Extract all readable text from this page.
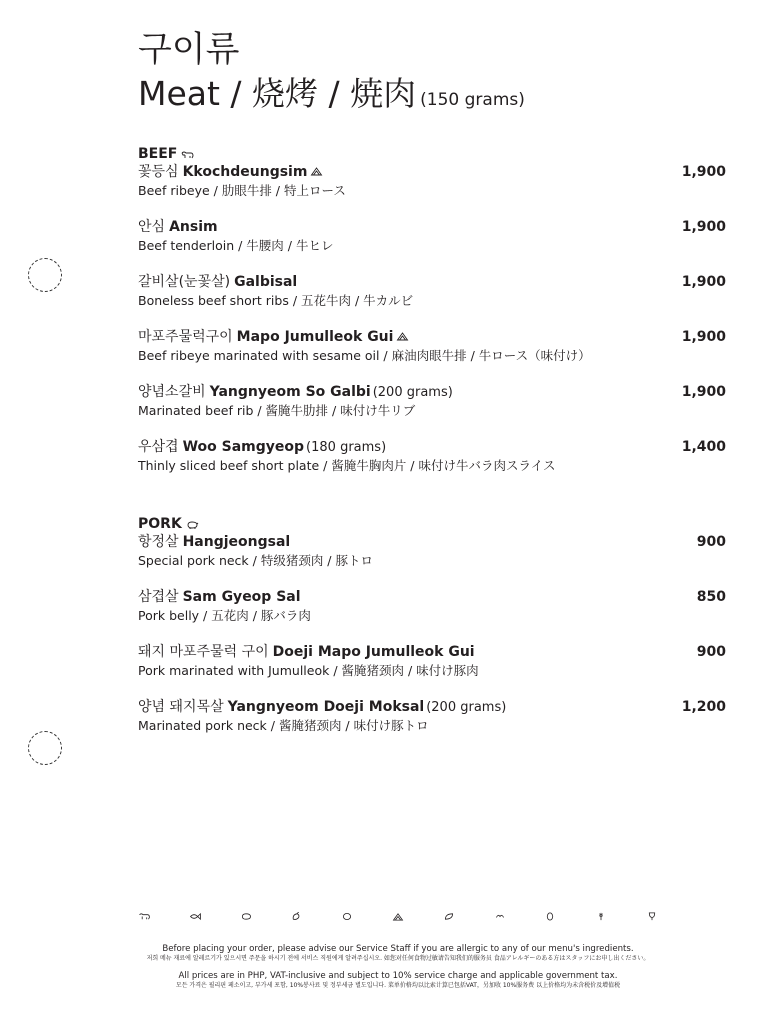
구이류

Meat / 烧烤 / 焼肉 (150 grams)

BEEF

꽃등심 Kkochdeungsim

Beef ribeye / 肋眼牛排 / 特上ロース

1,900

안심 Ansim

Beef tenderloin / 牛腰肉 / 牛ヒレ

1,900

갈비살(눈꽃살) Galbisal

Boneless beef short ribs / 五花牛肉 / 牛カルビ

1,900

마포주물럭구이 Mapo Jumulleok Gui

Beef ribeye marinated with sesame oil / 麻油肉眼牛排 / 牛ロース（味付け）

1,900

양념소갈비 Yangnyeom So Galbi (200 grams)

Marinated beef rib / 酱腌牛肋排 / 味付け牛リブ

1,900

우삼겹 Woo Samgyeop (180 grams)

Thinly sliced beef short plate / 酱腌牛胸肉片 / 味付け牛バラ肉スライス

1,400
PORK

항정살 Hangjeongsal

Special pork neck / 特级猪颈肉 / 豚トロ

900

삼겹살 Sam Gyeop Sal

Pork belly / 五花肉 / 豚バラ肉

850

돼지 마포주물럭 구이 Doeji Mapo Jumulleok Gui

Pork marinated with Jumulleok / 酱腌猪颈肉 / 味付け豚肉

900

양념 돼지목살 Yangnyeom Doeji Moksal (200 grams)

Marinated pork neck / 酱腌猪颈肉 / 味付け豚トロ

1,200

Before placing your order, please advise our Service Staff if you are allergic to any of our menu's ingredients.

저희 메뉴 재료에 알레르기가 있으시면 주문을 하시기 전에 서비스 직원에게 알려주십시오. 如您对任何食物过敏请告知我们的服务员 食品アレルギーのある方はスタッフにお申し出ください。

All prices are in PHP, VAT-inclusive and subject to 10% service charge and applicable government tax.

모든 가격은 필리핀 페소이고, 부가세 포함, 10%봉사료 및 정부세금 별도입니다. 菜单价格均以比索计算已包括VAT，另加收 10%服务费 以上价格均为未含税价及增值税
